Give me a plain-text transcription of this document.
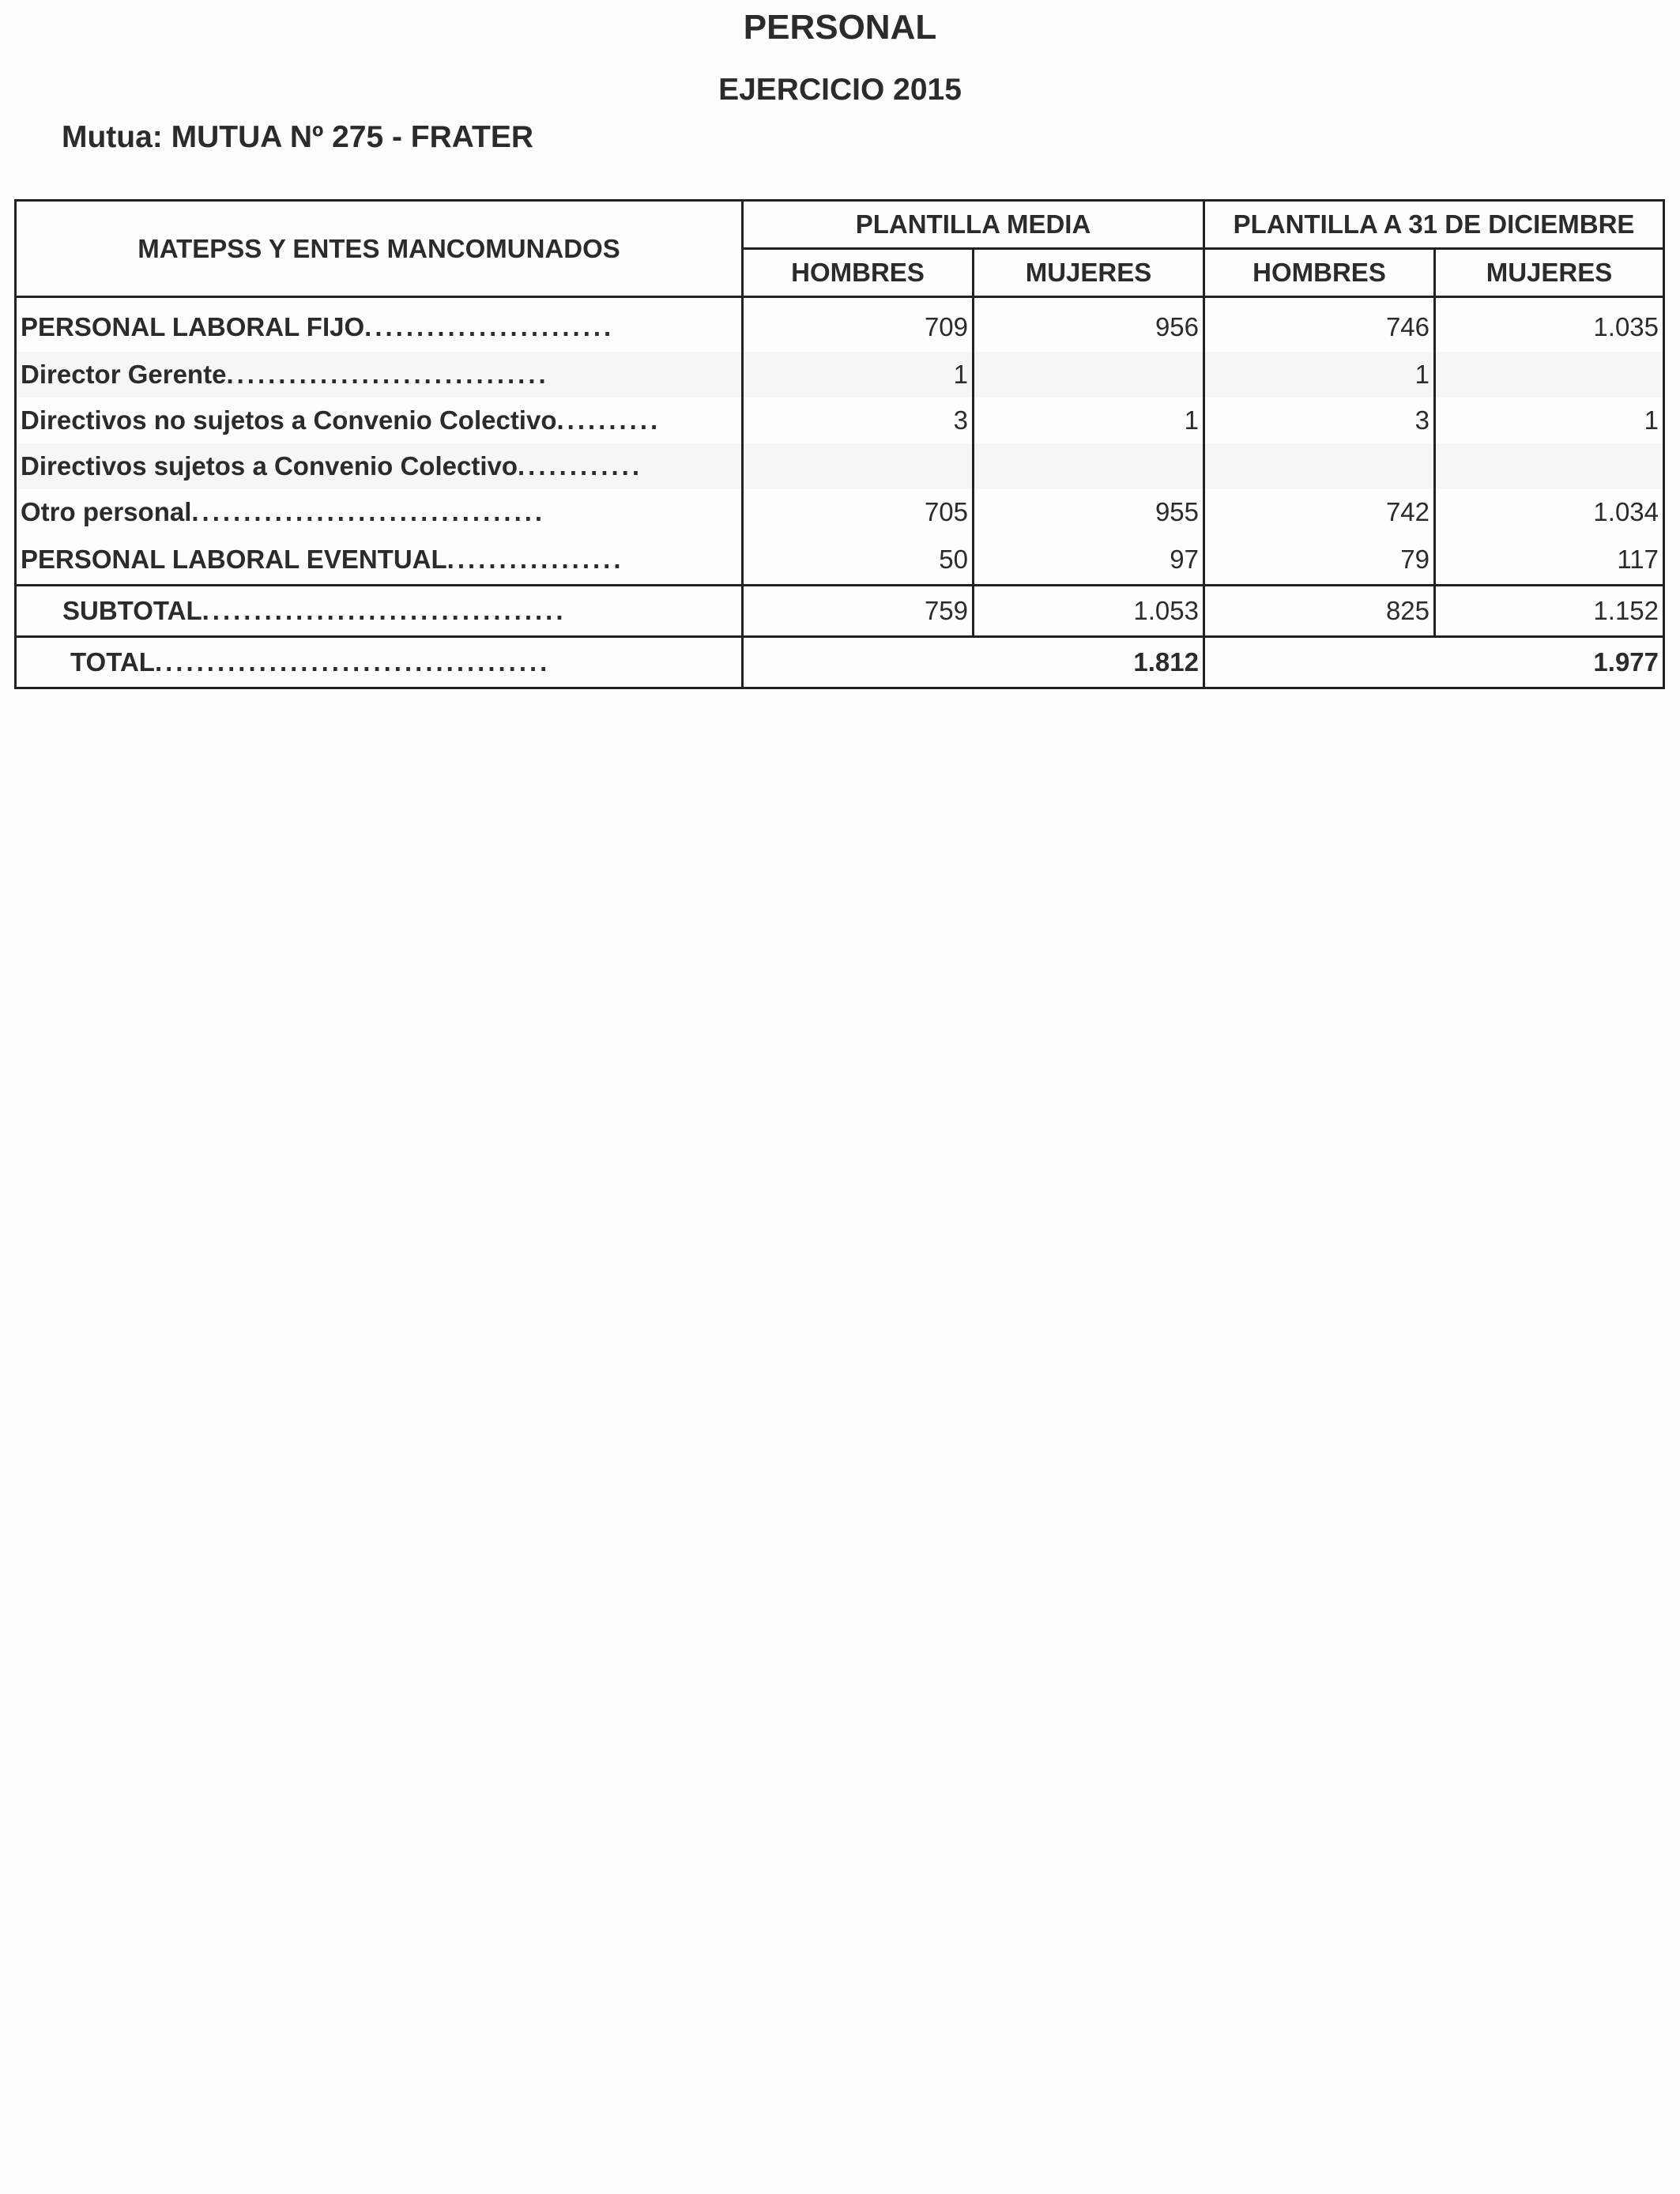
PERSONAL
EJERCICIO 2015
Mutua: MUTUA Nº 275 - FRATER
MATEPSS Y ENTES MANCOMUNADOS	PLANTILLA MEDIA		PLANTILLA A 31 DE DICIEMBRE	
	HOMBRES	MUJERES	HOMBRES	MUJERES
PERSONAL LABORAL FIJO........................	709	956	746	1.035
Director Gerente...............................	1		1	
Directivos no sujetos a Convenio Colectivo..........	3	1	3	1
Directivos sujetos a Convenio Colectivo............				
Otro personal..................................	705	955	742	1.034
PERSONAL LABORAL EVENTUAL.................	50	97	79	117
SUBTOTAL...................................	759	1.053	825	1.152
TOTAL......................................	1.812		1.977	
